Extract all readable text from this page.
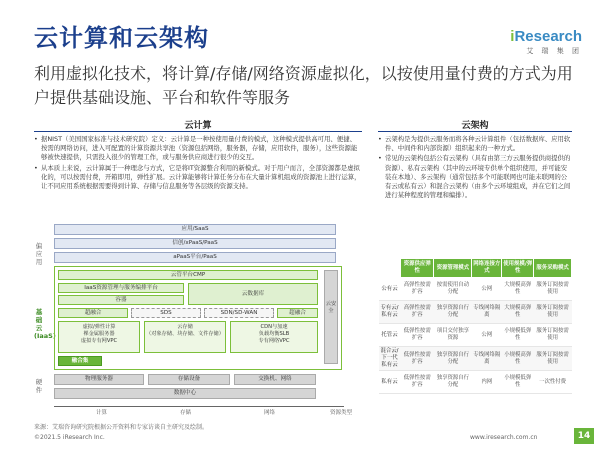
云计算和云架构	iResearch
艾 瑞 集 团
利用虚拟化技术，将计算/存储/网络资源虚拟化，以按使用量付费的方式为用户提供基础设施、平台和软件等服务
云计算
• 据NIST（美国国家标准与技术研究院）定义：云计算是一种按使用量付费的模式，这种模式提供高可用、便捷、按需的网络访问，进入可配置的计算资源共享池（资源包括网络，服务器，存储，应用软件，服务），这些资源能够被快速提供，只需投入很少的管理工作，或与服务供应商进行很少的交互。
• 从本质上来说，云计算属于一种理念与方式，它是将IT资源整合利用的新模式。对于用户而言，全部资源都是虚拟化的，可以按需付费，开箱即用，弹性扩展。云计算能够将计算任务分布在大量计算机组成的资源池上进行运算，让不同应用系统根据需要得到计算、存储与信息服务等各层级的资源支持。
偏应用
基础云(IaaS)
硬件
应用/SaaS
信创/xPaaS/PaaS
aPaaS平台/PaaS
云管平台CMP
云安全
IaaS资源管理与服务编排平台
云数据库
容器
超融合	SDS	SDN/SD-WAN	超融合
虚拟/弹性计算
裸金属服务器
虚拟专有网VPC
云存储
（对象存储、块存储、文件存储）
CDN与加速
负载均衡SLB
专有网络VPC
融合集
物理服务器	存储设备	交换机、网络
数据中心
计算	存储	网络	资源类型
云架构
• 云架构是为提供云服务而将各种云计算组件（包括数据库、应用软件、中间件和内部资源）组织起来的一种方式。
• 常见的云架构包括公有云架构（具有由第三方云服务提供商提供的资源）、私有云架构（其中的云环境专供单个组织使用，并可能安装在本地）、多云架构（通常包括多个可能联网也可能未联网的公有云或私有云）和混合云架构（由多个云环境组成，并在它们之间进行某种程度的管理和编排）。
	资源供应弹性	资源管理模式	网络连接方式	使用规模/弹性	服务采购模式
公有云	高弹性按需扩容	按需使用自动分配	公网	大规模高弹性	服务订阅按需使用
专有云/私有云	高弹性按需扩容	独享资源自行分配	专线网络隔离	大规模高弹性	服务订阅按需使用
托管云	低弹性按需扩容	项目交付独享资源	公网	小规模低弹性	服务订阅按需使用
混合云/下一代私有云	低弹性按需扩容	独享资源自行分配	专线网络隔离	小规模高弹性	服务订阅按需使用
私有云	低弹性按需扩容	独享资源自行分配	内网	小规模低弹性	一次性付费
来源：艾瑞咨询研究院根据公开资料和专家访谈自主研究及绘制。
©2021.5 iResearch Inc.	www.iresearch.com.cn	14
